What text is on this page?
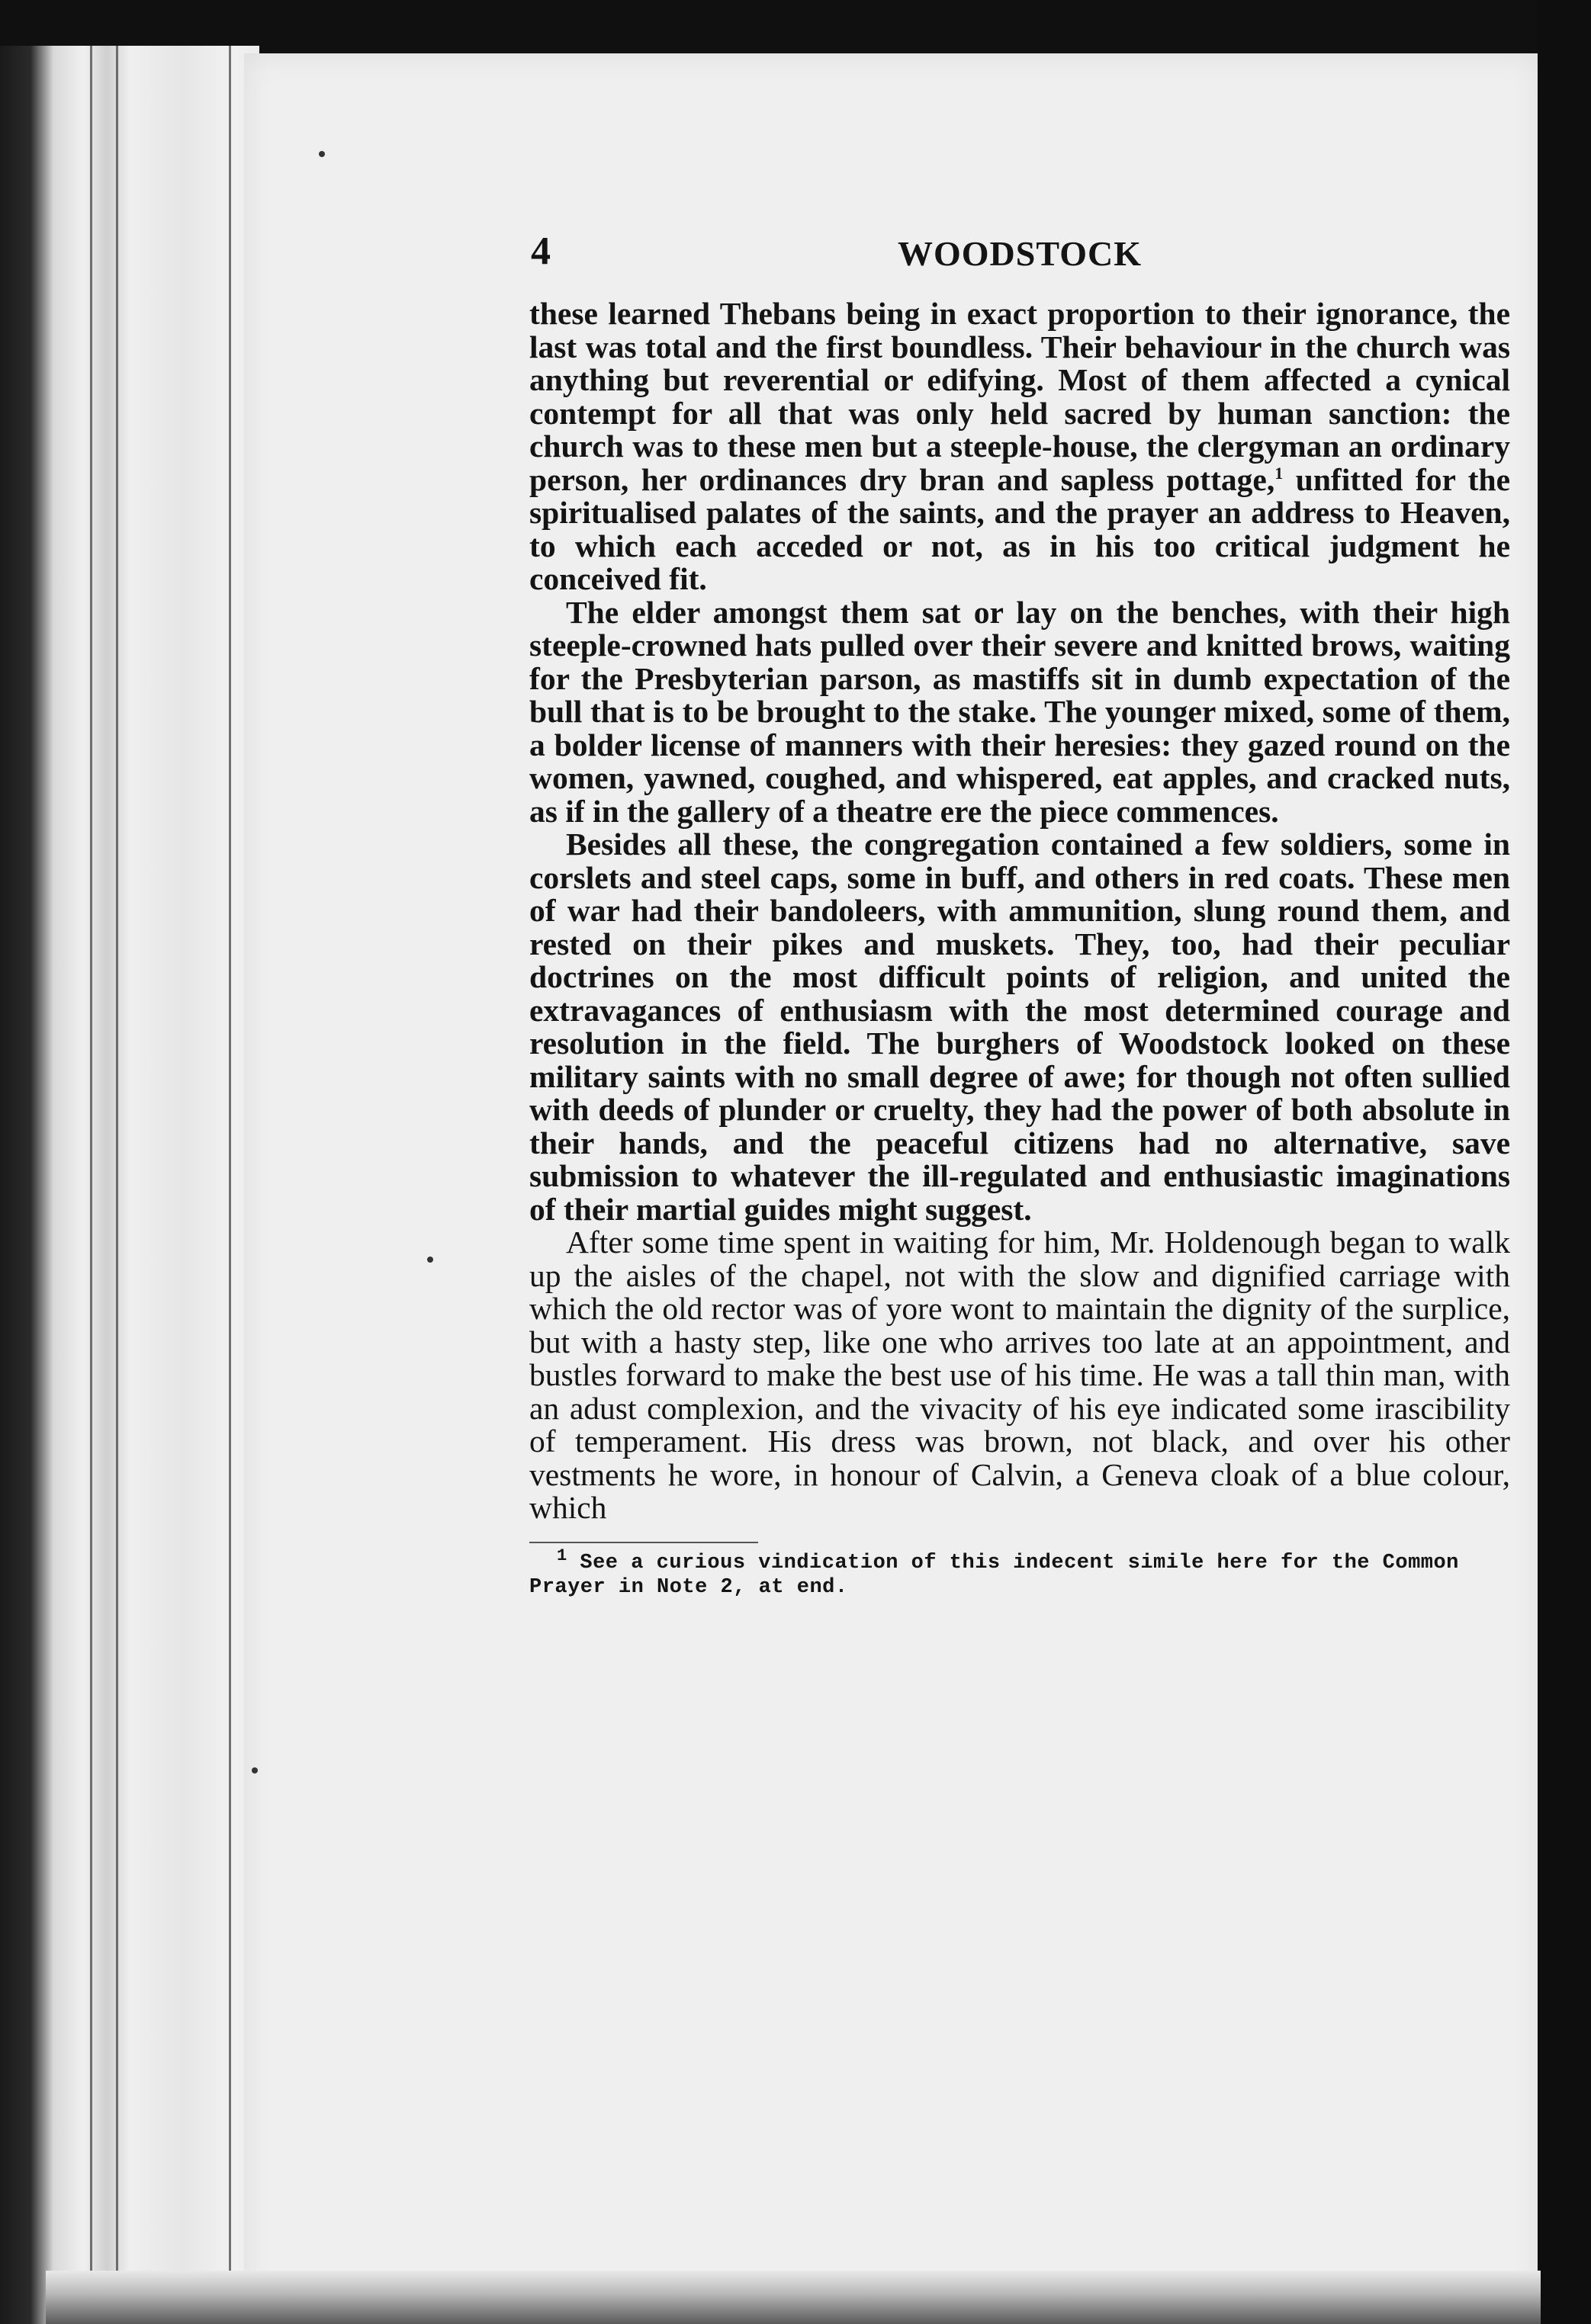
4	WOODSTOCK

these learned Thebans being in exact proportion to their ignorance, the last was total and the first boundless. Their behaviour in the church was anything but reverential or edifying. Most of them affected a cynical contempt for all that was only held sacred by human sanction: the church was to these men but a steeple-house, the clergyman an ordinary person, her ordinances dry bran and sapless pottage,$^1$ unfitted for the spiritualised palates of the saints, and the prayer an address to Heaven, to which each acceded or not, as in his too critical judgment he conceived fit.

The elder amongst them sat or lay on the benches, with their high steeple-crowned hats pulled over their severe and knitted brows, waiting for the Presbyterian parson, as mastiffs sit in dumb expectation of the bull that is to be brought to the stake. The younger mixed, some of them, a bolder license of manners with their heresies: they gazed round on the women, yawned, coughed, and whispered, eat apples, and cracked nuts, as if in the gallery of a theatre ere the piece commences.

Besides all these, the congregation contained a few soldiers, some in corslets and steel caps, some in buff, and others in red coats. These men of war had their bandoleers, with ammunition, slung round them, and rested on their pikes and muskets. They, too, had their peculiar doctrines on the most difficult points of religion, and united the extravagances of enthusiasm with the most determined courage and resolution in the field. The burghers of Woodstock looked on these military saints with no small degree of awe; for though not often sullied with deeds of plunder or cruelty, they had the power of both absolute in their hands, and the peaceful citizens had no alternative, save submission to whatever the ill-regulated and enthusiastic imaginations of their martial guides might suggest.

After some time spent in waiting for him, Mr. Holdenough began to walk up the aisles of the chapel, not with the slow and dignified carriage with which the old rector was of yore wont to maintain the dignity of the surplice, but with a hasty step, like one who arrives too late at an appointment, and bustles forward to make the best use of his time. He was a tall thin man, with an adust complexion, and the vivacity of his eye indicated some irascibility of temperament. His dress was brown, not black, and over his other vestments he wore, in honour of Calvin, a Geneva cloak of a blue colour, which

$^1$ See a curious vindication of this indecent simile here for the Common Prayer in Note 2, at end.
